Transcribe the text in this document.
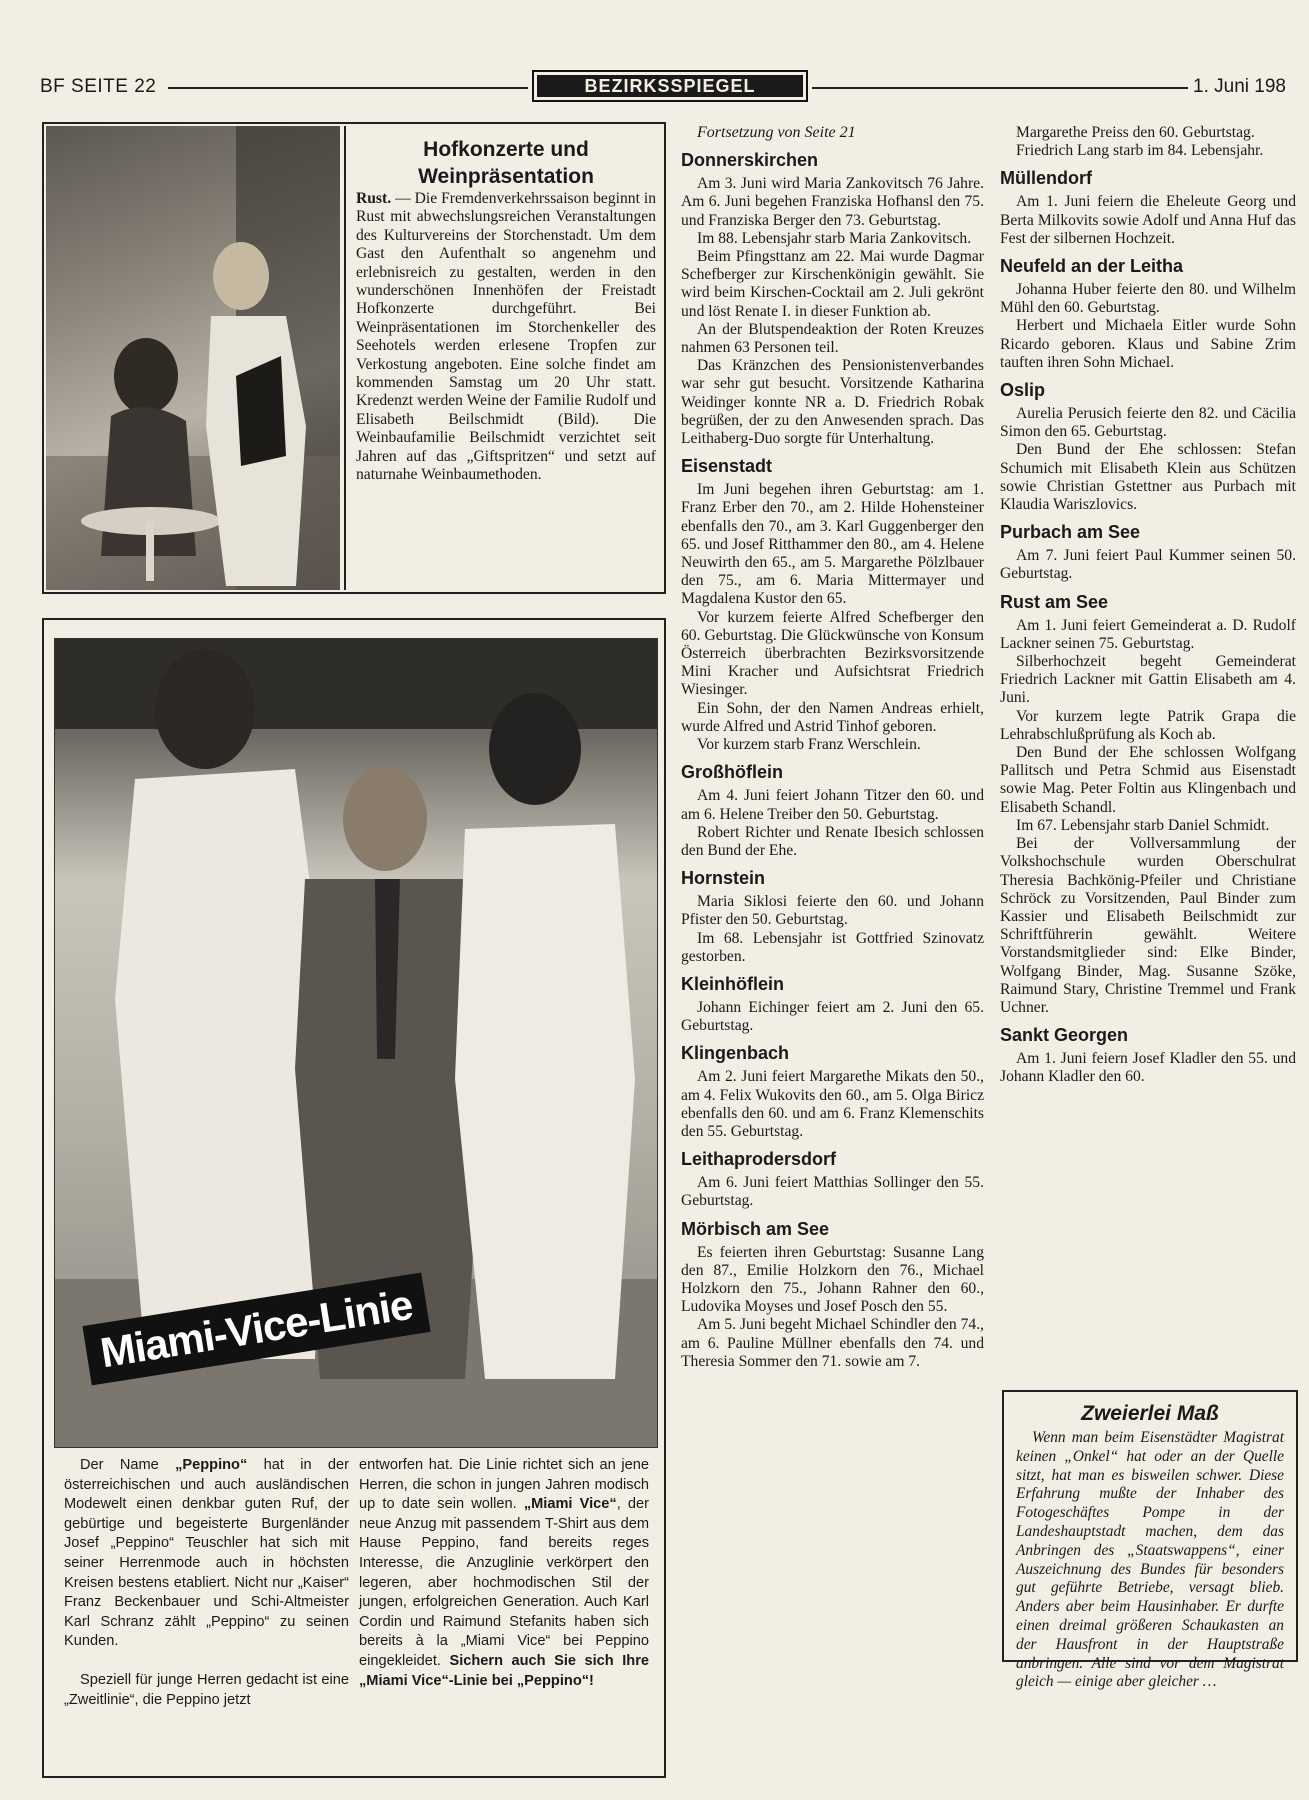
BF SEITE 22	BEZIRKSSPIEGEL	1. Juni 198
Hofkonzerte und Weinpräsentation

Rust. — Die Fremdenverkehrssaison beginnt in Rust mit abwechslungsreichen Veranstaltungen des Kulturvereins der Storchenstadt. Um dem Gast den Aufenthalt so angenehm und erlebnisreich zu gestalten, werden in den wunderschönen Innenhöfen der Freistadt Hofkonzerte durchgeführt. Bei Weinpräsentationen im Storchenkeller des Seehotels werden erlesene Tropfen zur Verkostung angeboten. Eine solche findet am kommenden Samstag um 20 Uhr statt. Kredenzt werden Weine der Familie Rudolf und Elisabeth Beilschmidt (Bild). Die Weinbaufamilie Beilschmidt verzichtet seit Jahren auf das „Giftspritzen“ und setzt auf naturnahe Weinbaumethoden.

Miami-Vice-Linie

Der Name „Peppino“ hat in der österreichischen und auch ausländischen Modewelt einen denkbar guten Ruf, der gebürtige und begeisterte Burgenländer Josef „Peppino“ Teuschler hat sich mit seiner Herrenmode auch in höchsten Kreisen bestens etabliert. Nicht nur „Kaiser“ Franz Beckenbauer und Schi-Altmeister Karl Schranz zählt „Peppino“ zu seinen Kunden.

Speziell für junge Herren gedacht ist eine „Zweitlinie“, die Peppino jetzt

entworfen hat. Die Linie richtet sich an jene Herren, die schon in jungen Jahren modisch up to date sein wollen. „Miami Vice“, der neue Anzug mit passendem T-Shirt aus dem Hause Peppino, fand bereits reges Interesse, die Anzuglinie verkörpert den legeren, aber hochmodischen Stil der jungen, erfolgreichen Generation. Auch Karl Cordin und Raimund Stefanits haben sich bereits à la „Miami Vice“ bei Peppino eingekleidet. Sichern auch Sie sich Ihre „Miami Vice“-Linie bei „Peppino“!

Fortsetzung von Seite 21

Donnerskirchen

Am 3. Juni wird Maria Zankovitsch 76 Jahre. Am 6. Juni begehen Franziska Hofhansl den 75. und Franziska Berger den 73. Geburtstag.

Im 88. Lebensjahr starb Maria Zankovitsch.

Beim Pfingsttanz am 22. Mai wurde Dagmar Schefberger zur Kirschenkönigin gewählt. Sie wird beim Kirschen-Cocktail am 2. Juli gekrönt und löst Renate I. in dieser Funktion ab.

An der Blutspendeaktion der Roten Kreuzes nahmen 63 Personen teil.

Das Kränzchen des Pensionistenverbandes war sehr gut besucht. Vorsitzende Katharina Weidinger konnte NR a. D. Friedrich Robak begrüßen, der zu den Anwesenden sprach. Das Leithaberg-Duo sorgte für Unterhaltung.

Eisenstadt

Im Juni begehen ihren Geburtstag: am 1. Franz Erber den 70., am 2. Hilde Hohensteiner ebenfalls den 70., am 3. Karl Guggenberger den 65. und Josef Ritthammer den 80., am 4. Helene Neuwirth den 65., am 5. Margarethe Pölzlbauer den 75., am 6. Maria Mittermayer und Magdalena Kustor den 65.

Vor kurzem feierte Alfred Schefberger den 60. Geburtstag. Die Glückwünsche von Konsum Österreich überbrachten Bezirksvorsitzende Mini Kracher und Aufsichtsrat Friedrich Wiesinger.

Ein Sohn, der den Namen Andreas erhielt, wurde Alfred und Astrid Tinhof geboren.

Vor kurzem starb Franz Werschlein.

Großhöflein

Am 4. Juni feiert Johann Titzer den 60. und am 6. Helene Treiber den 50. Geburtstag.

Robert Richter und Renate Ibesich schlossen den Bund der Ehe.

Hornstein

Maria Siklosi feierte den 60. und Johann Pfister den 50. Geburtstag.

Im 68. Lebensjahr ist Gottfried Szinovatz gestorben.

Kleinhöflein

Johann Eichinger feiert am 2. Juni den 65. Geburtstag.

Klingenbach

Am 2. Juni feiert Margarethe Mikats den 50., am 4. Felix Wukovits den 60., am 5. Olga Biricz ebenfalls den 60. und am 6. Franz Klemenschits den 55. Geburtstag.

Leithaprodersdorf

Am 6. Juni feiert Matthias Sollinger den 55. Geburtstag.

Mörbisch am See

Es feierten ihren Geburtstag: Susanne Lang den 87., Emilie Holzkorn den 76., Michael Holzkorn den 75., Johann Rahner den 60., Ludovika Moyses und Josef Posch den 55.

Am 5. Juni begeht Michael Schindler den 74., am 6. Pauline Müllner ebenfalls den 74. und Theresia Sommer den 71. sowie am 7.

Margarethe Preiss den 60. Geburtstag.

Friedrich Lang starb im 84. Lebensjahr.

Müllendorf

Am 1. Juni feiern die Eheleute Georg und Berta Milkovits sowie Adolf und Anna Huf das Fest der silbernen Hochzeit.

Neufeld an der Leitha

Johanna Huber feierte den 80. und Wilhelm Mühl den 60. Geburtstag.

Herbert und Michaela Eitler wurde Sohn Ricardo geboren. Klaus und Sabine Zrim tauften ihren Sohn Michael.

Oslip

Aurelia Perusich feierte den 82. und Cäcilia Simon den 65. Geburtstag.

Den Bund der Ehe schlossen: Stefan Schumich mit Elisabeth Klein aus Schützen sowie Christian Gstettner aus Purbach mit Klaudia Wariszlovics.

Purbach am See

Am 7. Juni feiert Paul Kummer seinen 50. Geburtstag.

Rust am See

Am 1. Juni feiert Gemeinderat a. D. Rudolf Lackner seinen 75. Geburtstag.

Silberhochzeit begeht Gemeinderat Friedrich Lackner mit Gattin Elisabeth am 4. Juni.

Vor kurzem legte Patrik Grapa die Lehrabschlußprüfung als Koch ab.

Den Bund der Ehe schlossen Wolfgang Pallitsch und Petra Schmid aus Eisenstadt sowie Mag. Peter Foltin aus Klingenbach und Elisabeth Schandl.

Im 67. Lebensjahr starb Daniel Schmidt.

Bei der Vollversammlung der Volkshochschule wurden Oberschulrat Theresia Bachkönig-Pfeiler und Christiane Schröck zu Vorsitzenden, Paul Binder zum Kassier und Elisabeth Beilschmidt zur Schriftführerin gewählt. Weitere Vorstandsmitglieder sind: Elke Binder, Wolfgang Binder, Mag. Susanne Szöke, Raimund Stary, Christine Tremmel und Frank Uchner.

Sankt Georgen

Am 1. Juni feiern Josef Kladler den 55. und Johann Kladler den 60.

Zweierlei Maß

Wenn man beim Eisenstädter Magistrat keinen „Onkel“ hat oder an der Quelle sitzt, hat man es bisweilen schwer. Diese Erfahrung mußte der Inhaber des Fotogeschäftes Pompe in der Landeshauptstadt machen, dem das Anbringen des „Staatswappens“, einer Auszeichnung des Bundes für besonders gut geführte Betriebe, versagt blieb. Anders aber beim Hausinhaber. Er durfte einen dreimal größeren Schaukasten an der Hausfront in der Hauptstraße anbringen. Alle sind vor dem Magistrat gleich — einige aber gleicher …
